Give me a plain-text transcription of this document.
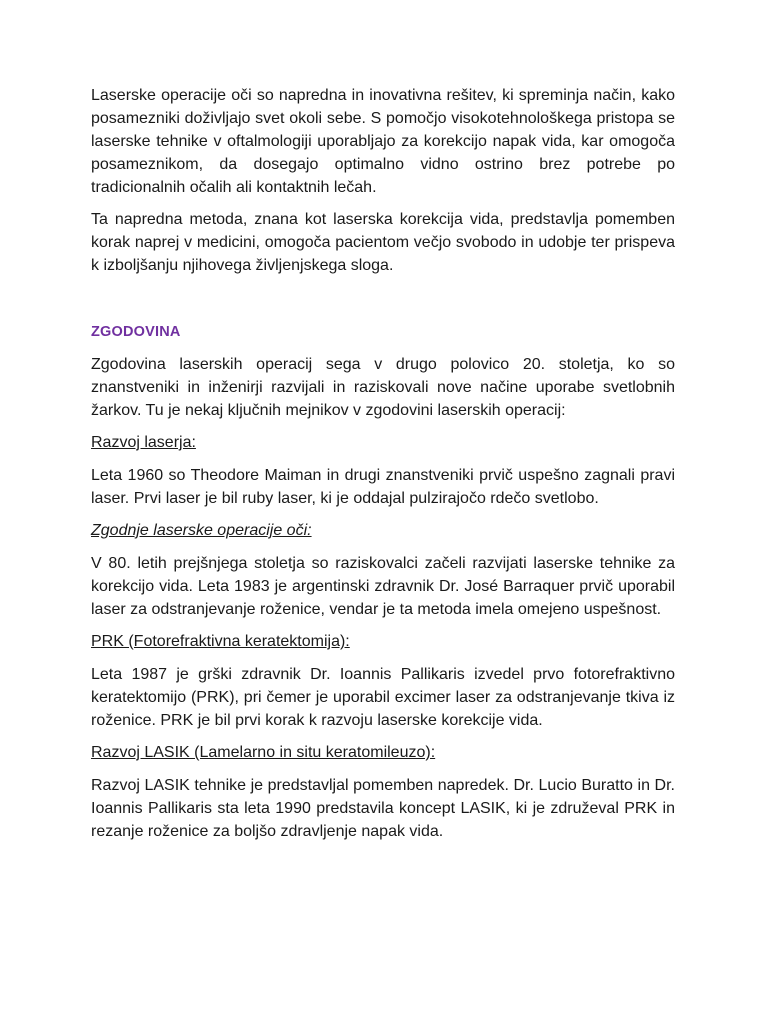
Laserske operacije oči so napredna in inovativna rešitev, ki spreminja način, kako posamezniki doživljajo svet okoli sebe. S pomočjo visokotehnološkega pristopa se laserske tehnike v oftalmologiji uporabljajo za korekcijo napak vida, kar omogoča posameznikom, da dosegajo optimalno vidno ostrino brez potrebe po tradicionalnih očalih ali kontaktnih lečah.

Ta napredna metoda, znana kot laserska korekcija vida, predstavlja pomemben korak naprej v medicini, omogoča pacientom večjo svobodo in udobje ter prispeva k izboljšanju njihovega življenjskega sloga.

ZGODOVINA

Zgodovina laserskih operacij sega v drugo polovico 20. stoletja, ko so znanstveniki in inženirji razvijali in raziskovali nove načine uporabe svetlobnih žarkov. Tu je nekaj ključnih mejnikov v zgodovini laserskih operacij:

Razvoj laserja:

Leta 1960 so Theodore Maiman in drugi znanstveniki prvič uspešno zagnali pravi laser. Prvi laser je bil ruby laser, ki je oddajal pulzirajočo rdečo svetlobo.

Zgodnje laserske operacije oči:

V 80. letih prejšnjega stoletja so raziskovalci začeli razvijati laserske tehnike za korekcijo vida. Leta 1983 je argentinski zdravnik Dr. José Barraquer prvič uporabil laser za odstranjevanje roženice, vendar je ta metoda imela omejeno uspešnost.

PRK (Fotorefraktivna keratektomija):

Leta 1987 je grški zdravnik Dr. Ioannis Pallikaris izvedel prvo fotorefraktivno keratektomijo (PRK), pri čemer je uporabil excimer laser za odstranjevanje tkiva iz roženice. PRK je bil prvi korak k razvoju laserske korekcije vida.

Razvoj LASIK (Lamelarno in situ keratomileuzo):

Razvoj LASIK tehnike je predstavljal pomemben napredek. Dr. Lucio Buratto in Dr. Ioannis Pallikaris sta leta 1990 predstavila koncept LASIK, ki je združeval PRK in rezanje roženice za boljšo zdravljenje napak vida.
